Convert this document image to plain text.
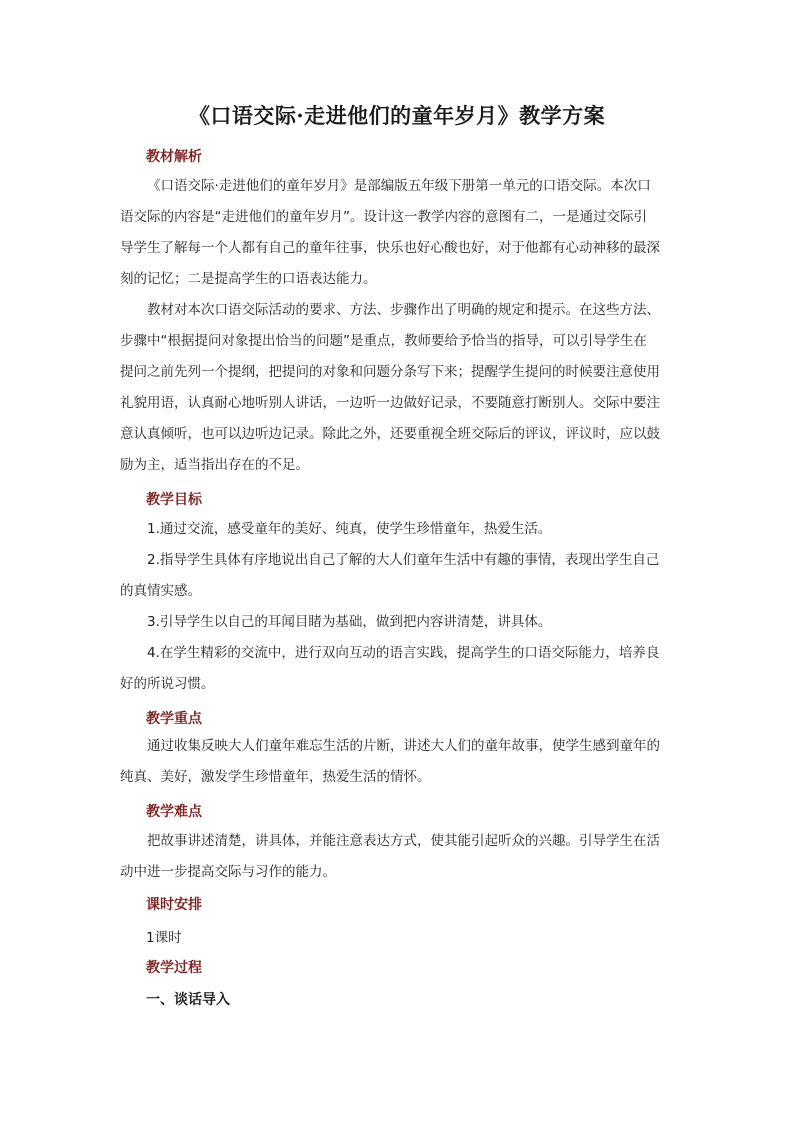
《口语交际·走进他们的童年岁月》教学方案
教材解析
《口语交际·走进他们的童年岁月》是部编版五年级下册第一单元的口语交际。本次口
语交际的内容是“走进他们的童年岁月”。设计这一教学内容的意图有二，一是通过交际引
导学生了解每一个人都有自己的童年往事，快乐也好心酸也好，对于他都有心动神移的最深
刻的记忆；二是提高学生的口语表达能力。
教材对本次口语交际活动的要求、方法、步骤作出了明确的规定和提示。在这些方法、
步骤中“根据提问对象提出恰当的问题”是重点，教师要给予恰当的指导，可以引导学生在
提问之前先列一个提纲，把提问的对象和问题分条写下来；提醒学生提问的时候要注意使用
礼貌用语，认真耐心地听别人讲话，一边听一边做好记录，不要随意打断别人。交际中要注
意认真倾听，也可以边听边记录。除此之外，还要重视全班交际后的评议，评议时，应以鼓
励为主，适当指出存在的不足。
教学目标
1.通过交流，感受童年的美好、纯真，使学生珍惜童年，热爱生活。
2.指导学生具体有序地说出自己了解的大人们童年生活中有趣的事情，表现出学生自己
的真情实感。
3.引导学生以自己的耳闻目睹为基础，做到把内容讲清楚，讲具体。
4.在学生精彩的交流中，进行双向互动的语言实践，提高学生的口语交际能力，培养良
好的所说习惯。
教学重点
通过收集反映大人们童年难忘生活的片断，讲述大人们的童年故事，使学生感到童年的
纯真、美好，激发学生珍惜童年，热爱生活的情怀。
教学难点
把故事讲述清楚，讲具体，并能注意表达方式，使其能引起听众的兴趣。引导学生在活
动中进一步提高交际与习作的能力。
课时安排
1课时
教学过程
一、谈话导入
